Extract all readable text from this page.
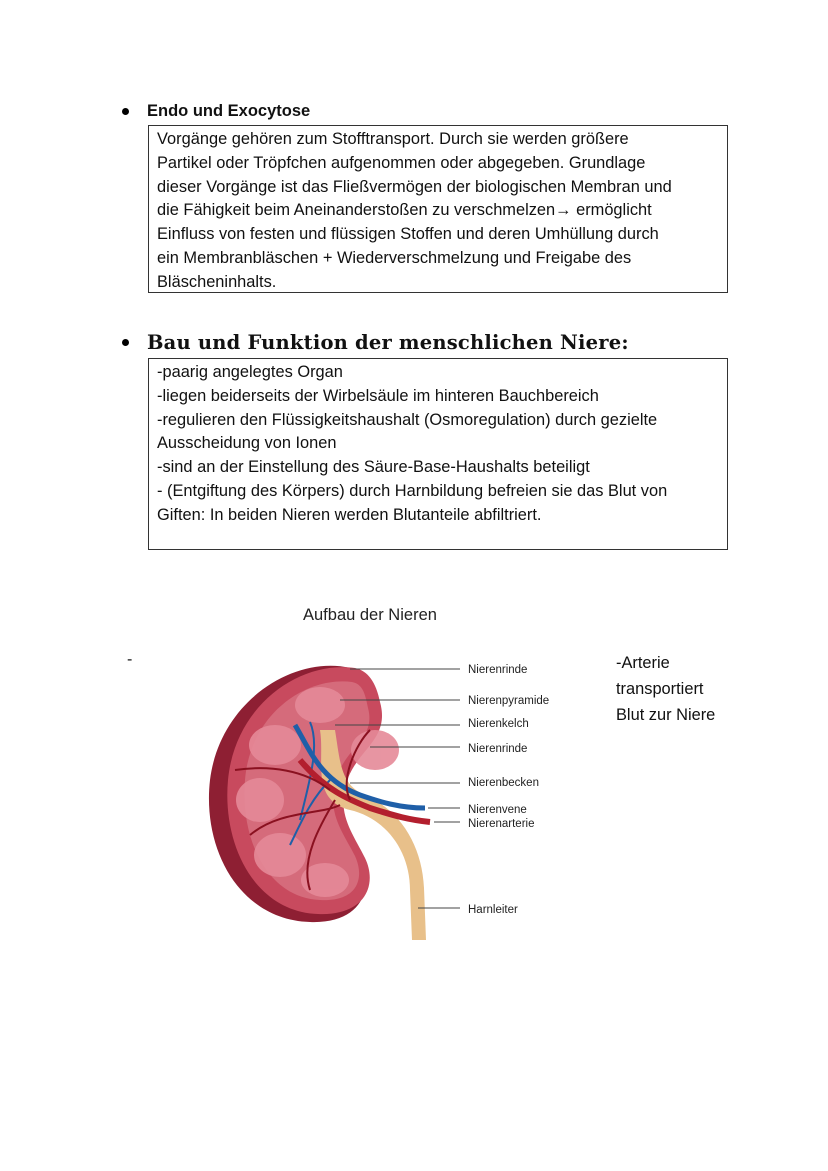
Endo und Exocytose

Vorgänge gehören zum Stofftransport. Durch sie werden größere

Partikel oder Tröpfchen aufgenommen oder abgegeben. Grundlage

dieser Vorgänge ist das Fließvermögen der biologischen Membran und

die Fähigkeit beim Aneinanderstoßen zu verschmelzen→ ermöglicht

Einfluss von festen und flüssigen Stoffen und deren Umhüllung durch

ein Membranbläschen + Wiederverschmelzung und Freigabe des

Bläscheninhalts.

Bau und Funktion der menschlichen Niere:

-paarig angelegtes Organ

-liegen beiderseits der Wirbelsäule im hinteren Bauchbereich

-regulieren den Flüssigkeitshaushalt (Osmoregulation) durch gezielte

Ausscheidung von Ionen

-sind an der Einstellung des Säure-Base-Haushalts beteiligt

- (Entgiftung des Körpers) durch Harnbildung befreien sie das Blut von

Giften: In beiden Nieren werden Blutanteile abfiltriert.

Aufbau der Nieren
-	-Arterie
transportiert
Blut zur Niere
Nierenrinde
Nierenpyramide
Nierenkelch
Nierenrinde
Nierenbecken
Nierenvene
Nierenarterie
Harnleiter
